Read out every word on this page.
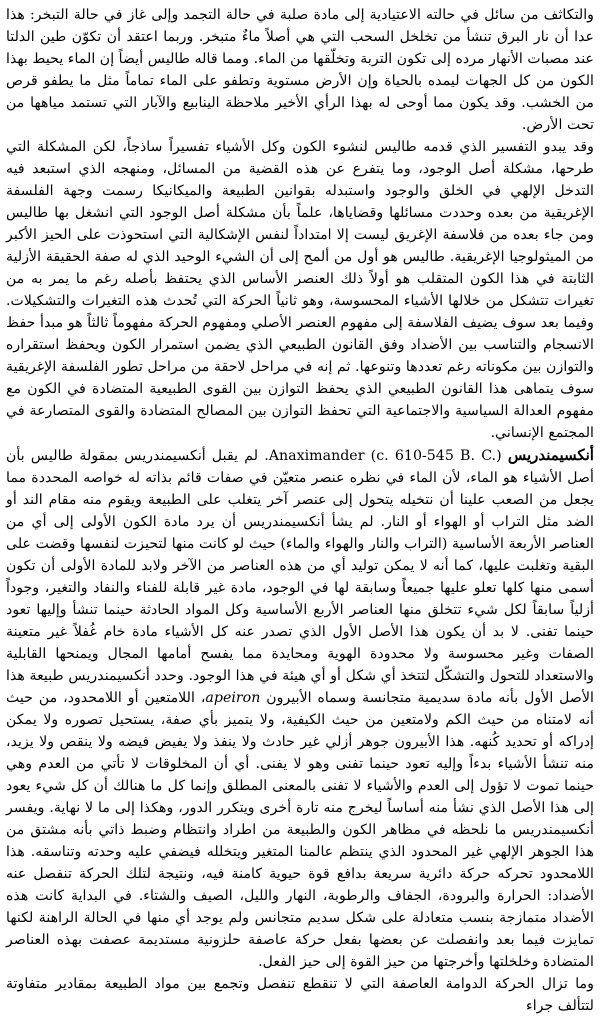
والتكاثف من سائل في حالته الاعتيادية إلى مادة صلبة في حالة التجمد وإلى غاز في حالة التبخر: هذا عدا أن نار البرق تنشأ من تخلخل السحب التي هي أصلاً ماءٌ متبخر. وربما اعتقد أن تكوّن طين الدلتا عند مصبات الأنهار مرده إلى تكون التربة وتخلّقها من الماء. ومما قاله طاليس أيضاً إن الماء يحيط بهذا الكون من كل الجهات ليمده بالحياة وإن الأرض مستوية وتطفو على الماء تماماً مثل ما يطفو قرص من الخشب. وقد يكون مما أوحى له بهذا الرأي الأخير ملاحظة الينابيع والآبار التي تستمد مياهها من تحت الأرض.

وقد يبدو التفسير الذي قدمه طاليس لنشوء الكون وكل الأشياء تفسيراً ساذجاً، لكن المشكلة التي طرحها، مشكلة أصل الوجود، وما يتفرع عن هذه القضية من المسائل، ومنهجه الذي استبعد فيه التدخل الإلهي في الخلق والوجود واستبدله بقوانين الطبيعة والميكانيكا رسمت وجهة الفلسفة الإغريقية من بعده وحددت مسائلها وقضاياها، علماً بأن مشكلة أصل الوجود التي انشغل بها طاليس ومن جاء بعده من فلاسفة الإغريق ليست إلا امتداداً لنفس الإشكالية التي استحوذت على الحيز الأكبر من الميثولوجيا الإغريقية. طاليس هو أول من ألمح إلى أن الشيء الوحيد الذي له صفة الحقيقة الأزلية الثابتة في هذا الكون المتقلب هو أولاً ذلك العنصر الأساس الذي يحتفظ بأصله رغم ما يمر به من تغيرات تتشكل من خلالها الأشياء المحسوسة، وهو ثانياً الحركة التي تُحدث هذه التغيرات والتشكيلات. وفيما بعد سوف يضيف الفلاسفة إلى مفهوم العنصر الأصلي ومفهوم الحركة مفهوماً ثالثاً هو مبدأ حفظ الانسجام والتناسب بين الأضداد وفق القانون الطبيعي الذي يضمن استمرار الكون ويحفظ استقراره والتوازن بين مكوناته رغم تعددها وتنوعها. ثم إنه في مراحل لاحقة من مراحل تطور الفلسفة الإغريقية سوف يتماهى هذا القانون الطبيعي الذي يحفظ التوازن بين القوى الطبيعية المتضادة في الكون مع مفهوم العدالة السياسية والاجتماعية التي تحفظ التوازن بين المصالح المتضادة والقوى المتصارعة في المجتمع الإنساني.

أنكسيمندريس Anaximander (c. 610-545 B. C.). لم يقبل أنكسيمندريس بمقولة طاليس بأن أصل الأشياء هو الماء، لأن الماء في نظره عنصر متعيّن في صفات قائم بذاته له خواصه المحددة مما يجعل من الصعب علينا أن نتخيله يتحول إلى عنصر آخر يتغلب على الطبيعة ويقوم منه مقام الند أو الضد مثل التراب أو الهواء أو النار. لم يشأ أنكسيمندريس أن يرد مادة الكون الأولى إلى أي من العناصر الأربعة الأساسية (التراب والنار والهواء والماء) حيث لو كانت منها لتحيزت لنفسها وقضت على البقية وتغلبت عليها، كما أنه لا يمكن توليد أي من هذه العناصر من الآخر ولابد للمادة الأولى أن تكون أسمى منها كلها تعلو عليها جميعاً وسابقة لها في الوجود، مادة غير قابلة للفناء والنفاد والتغير، وجوداً أزلياً سابقاً لكل شيء تتخلق منها العناصر الأربع الأساسية وكل المواد الحادثة حينما تنشأ وإليها تعود حينما تفنى. لا بد أن يكون هذا الأصل الأول الذي تصدر عنه كل الأشياء مادة خام غُفلاً غير متعينة الصفات وغير محسوسة ولا محدودة الهوية ومحايدة مما يفسح أمامها المجال ويمنحها القابلية والاستعداد للتحول والتشكّل لتتخذ أي شكل أو أي هيئة في هذا الوجود. وحدد أنكسيمندريس طبيعة هذا الأصل الأول بأنه مادة سديمية متجانسة وسماه الأبيرون apeiron، اللامتعين أو اللامحدود، من حيث أنه لامتناه من حيث الكم ولامتعين من حيث الكيفية، ولا يتميز بأي صفة، يستحيل تصوره ولا يمكن إدراكه أو تحديد كُنهه. هذا الأبيرون جوهر أزلي غير حادث ولا ينفذ ولا يفيض فيضه ولا ينقص ولا يزيد، منه تنشأ الأشياء بدءاً وإليه تعود حينما تفنى وهو لا يفنى. أي أن المخلوقات لا تأتي من العدم وهي حينما تموت لا تؤول إلى العدم والأشياء لا تفنى بالمعنى المطلق وإنما كل ما هنالك أن كل شيء يعود إلى هذا الأصل الذي نشأ منه أساساً ليخرج منه تارة أخرى ويتكرر الدور، وهكذا إلى ما لا نهاية. ويفسر أنكسيمندريس ما نلحظه في مظاهر الكون والطبيعة من اطراد وانتظام وضبط ذاتي بأنه مشتق من هذا الجوهر الإلهي غير المحدود الذي ينتظم عالمنا المتغير ويتخلله فيضفي عليه وحدته وتناسقه. هذا اللامحدود تحركه حركة دائرية سريعة بدافع قوة حيوية كامنة فيه، ونتيجة لتلك الحركة تنفصل عنه الأضداد: الحرارة والبرودة، الجفاف والرطوبة، النهار والليل، الصيف والشتاء. في البداية كانت هذه الأضداد متمازجة بنسب متعادلة على شكل سديم متجانس ولم يوجد أي منها في الحالة الراهنة لكنها تمايزت فيما بعد وانفصلت عن بعضها بفعل حركة عاصفة حلزونية مستديمة عصفت بهذه العناصر المتضادة وخلخلتها وأخرجتها من حيز القوة إلى حيز الفعل.

وما تزال الحركة الدوامة العاصفة التي لا تنقطع تنفصل وتجمع بين مواد الطبيعة بمقادير متفاوتة لتتألف جراء
